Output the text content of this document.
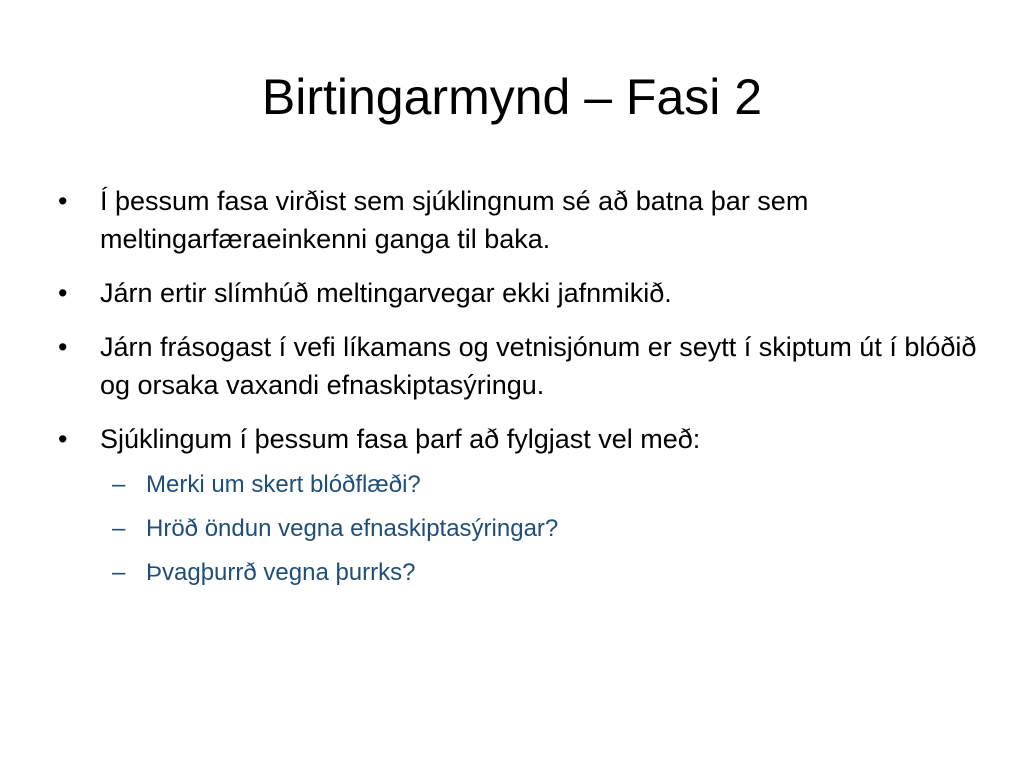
Birtingarmynd – Fasi 2
•	Í þessum fasa virðist sem sjúklingnum sé að batna þar sem meltingarfæraeinkenni ganga til baka.
•	Járn ertir slímhúð meltingarvegar ekki jafnmikið.
•	Járn frásogast í vefi líkamans og vetnisjónum er seytt í skiptum út í blóðið og orsaka vaxandi efnaskiptasýringu.
•	Sjúklingum í þessum fasa þarf að fylgjast vel með:
– Merki um skert blóðflæði?
– Hröð öndun vegna efnaskiptasýringar?
– Þvagþurrð vegna þurrks?
